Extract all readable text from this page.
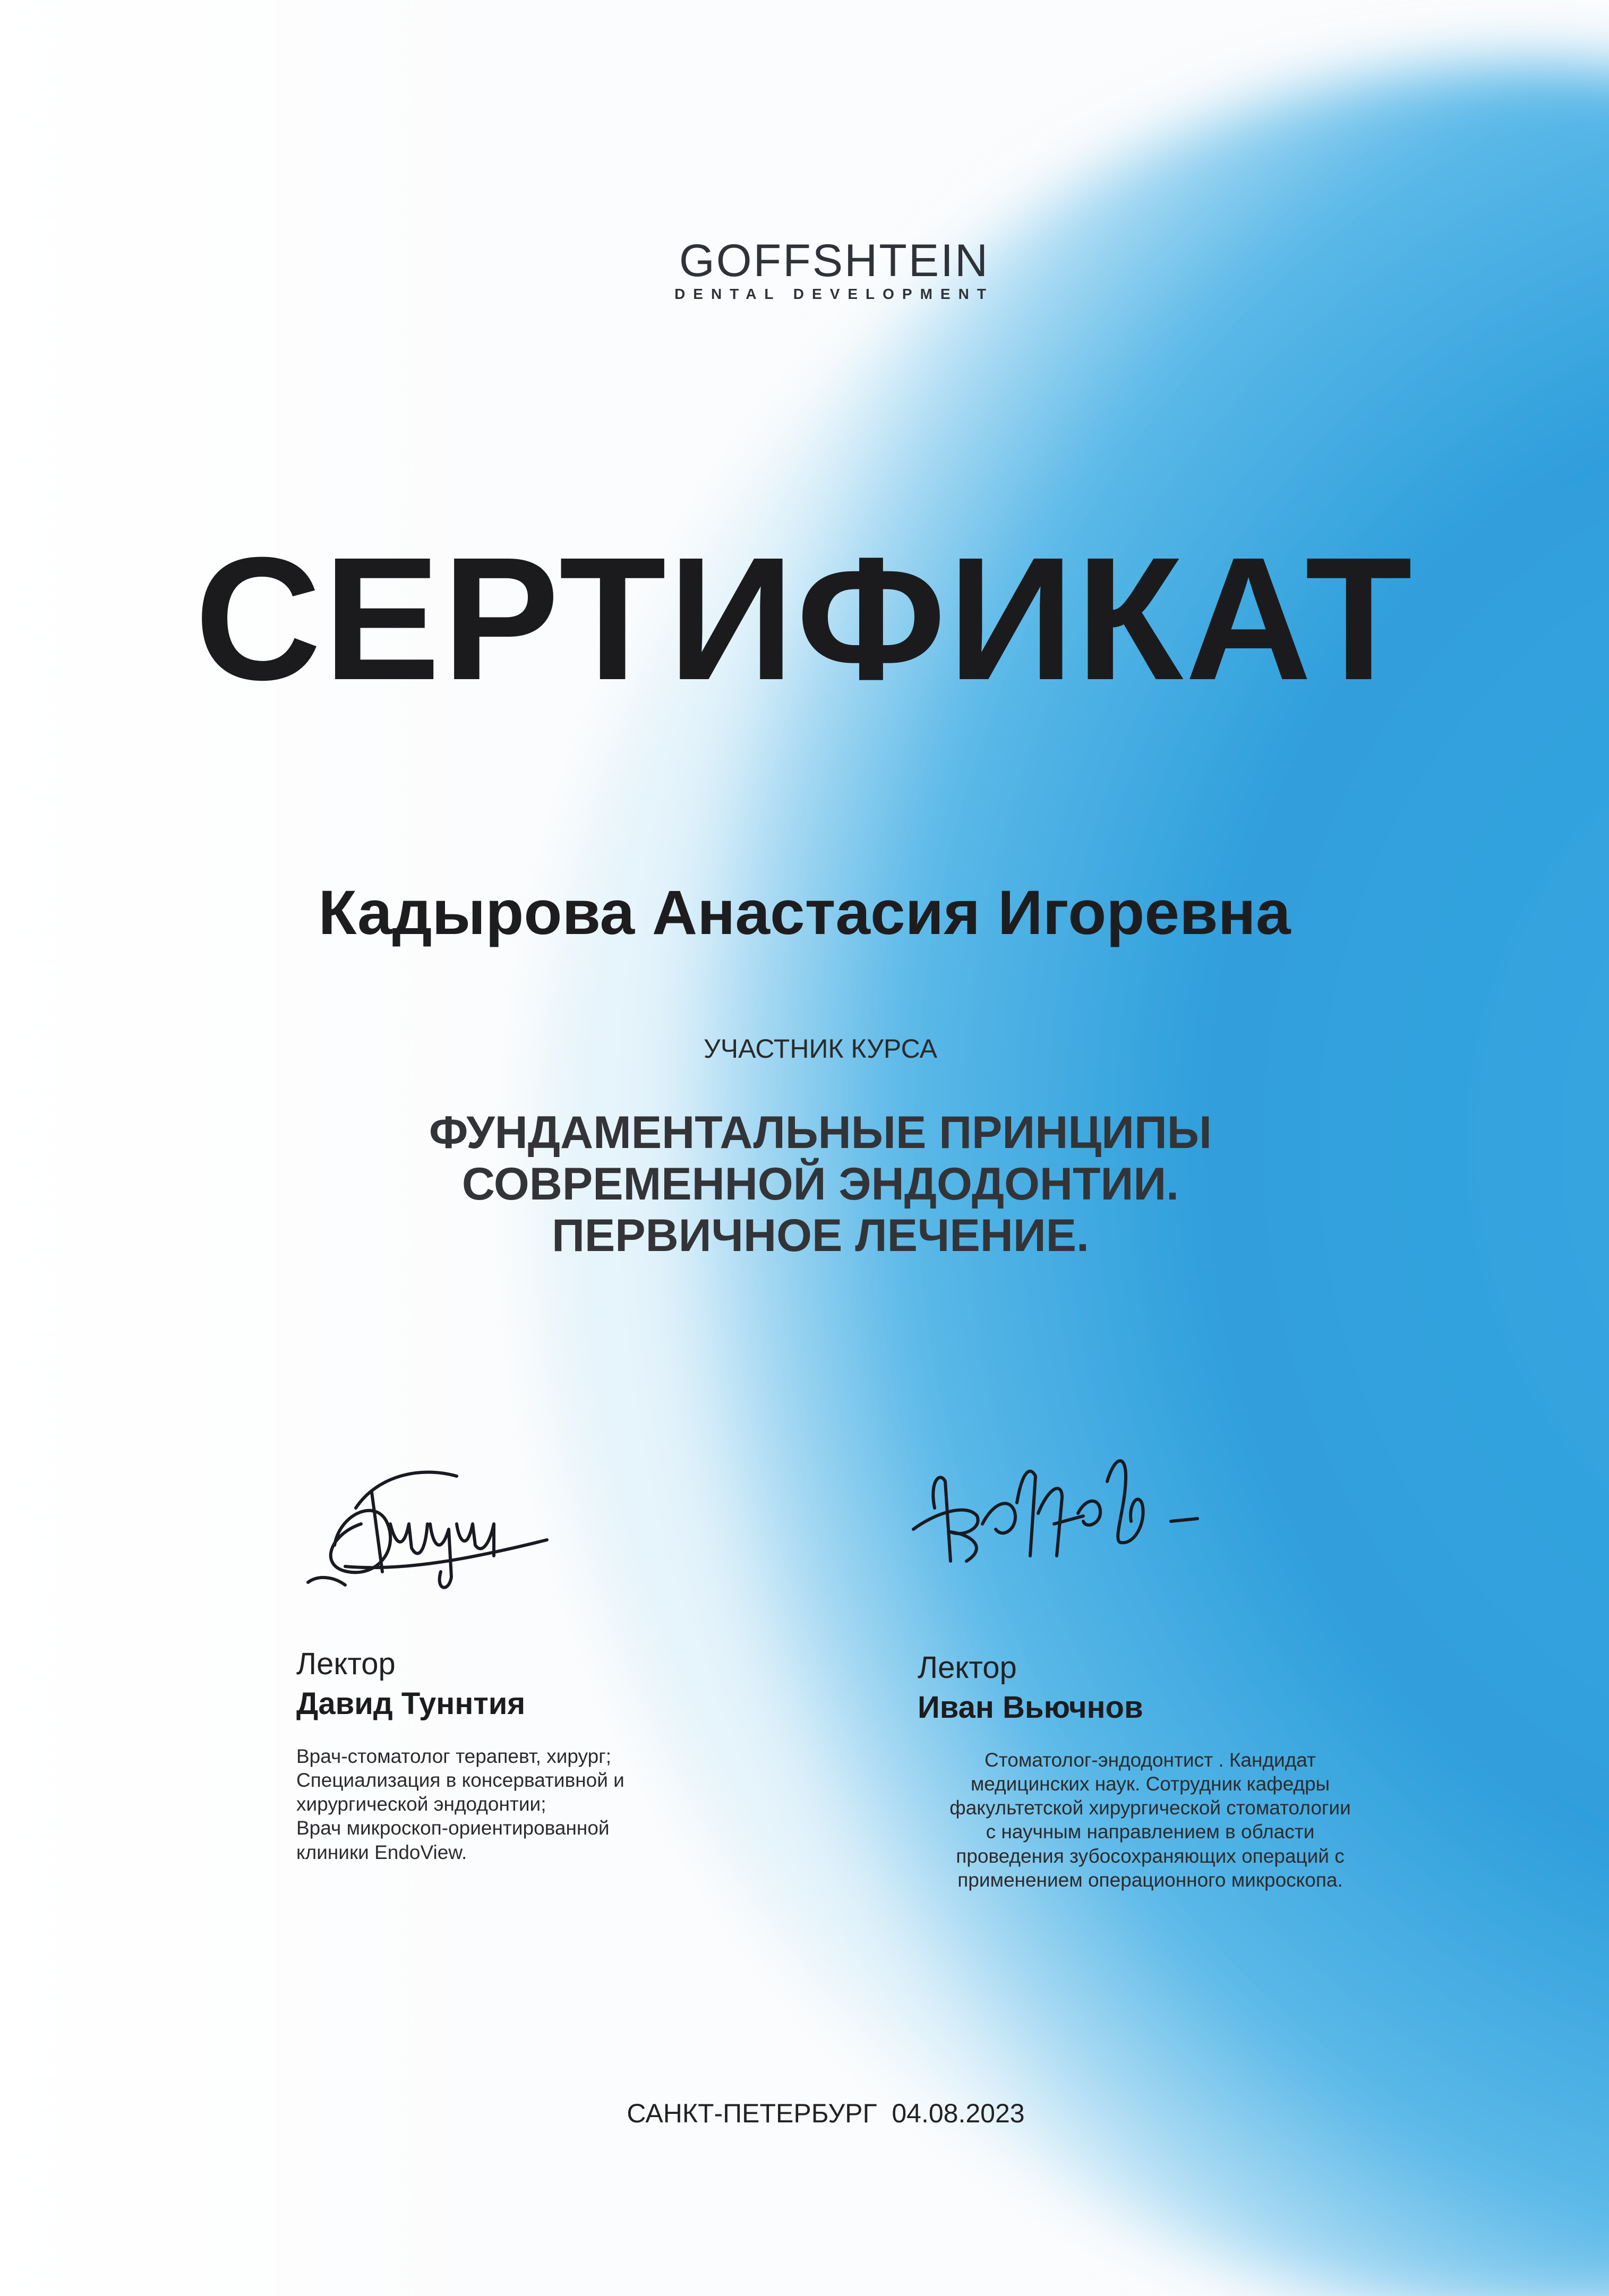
GOFFSHTEIN
DENTAL DEVELOPMENT
СЕРТИФИКАТ
Кадырова Анастасия Игоревна
УЧАСТНИК КУРСА
ФУНДАМЕНТАЛЬНЫЕ ПРИНЦИПЫ
СОВРЕМЕННОЙ ЭНДОДОНТИИ.
ПЕРВИЧНОЕ ЛЕЧЕНИЕ.
Лектор
Давид Туннтия
Врач-стоматолог терапевт, хирург;
Специализация в консервативной и
хирургической эндодонтии;
Врач микроскоп-ориентированной
клиники EndoView.
Лектор
Иван Вьючнов
Стоматолог-эндодонтист . Кандидат
медицинских наук. Сотрудник кафедры
факультетской хирургической стоматологии
с научным направлением в области
проведения зубосохраняющих операций с
применением операционного микроскопа.
САНКТ-ПЕТЕРБУРГ 04.08.2023
